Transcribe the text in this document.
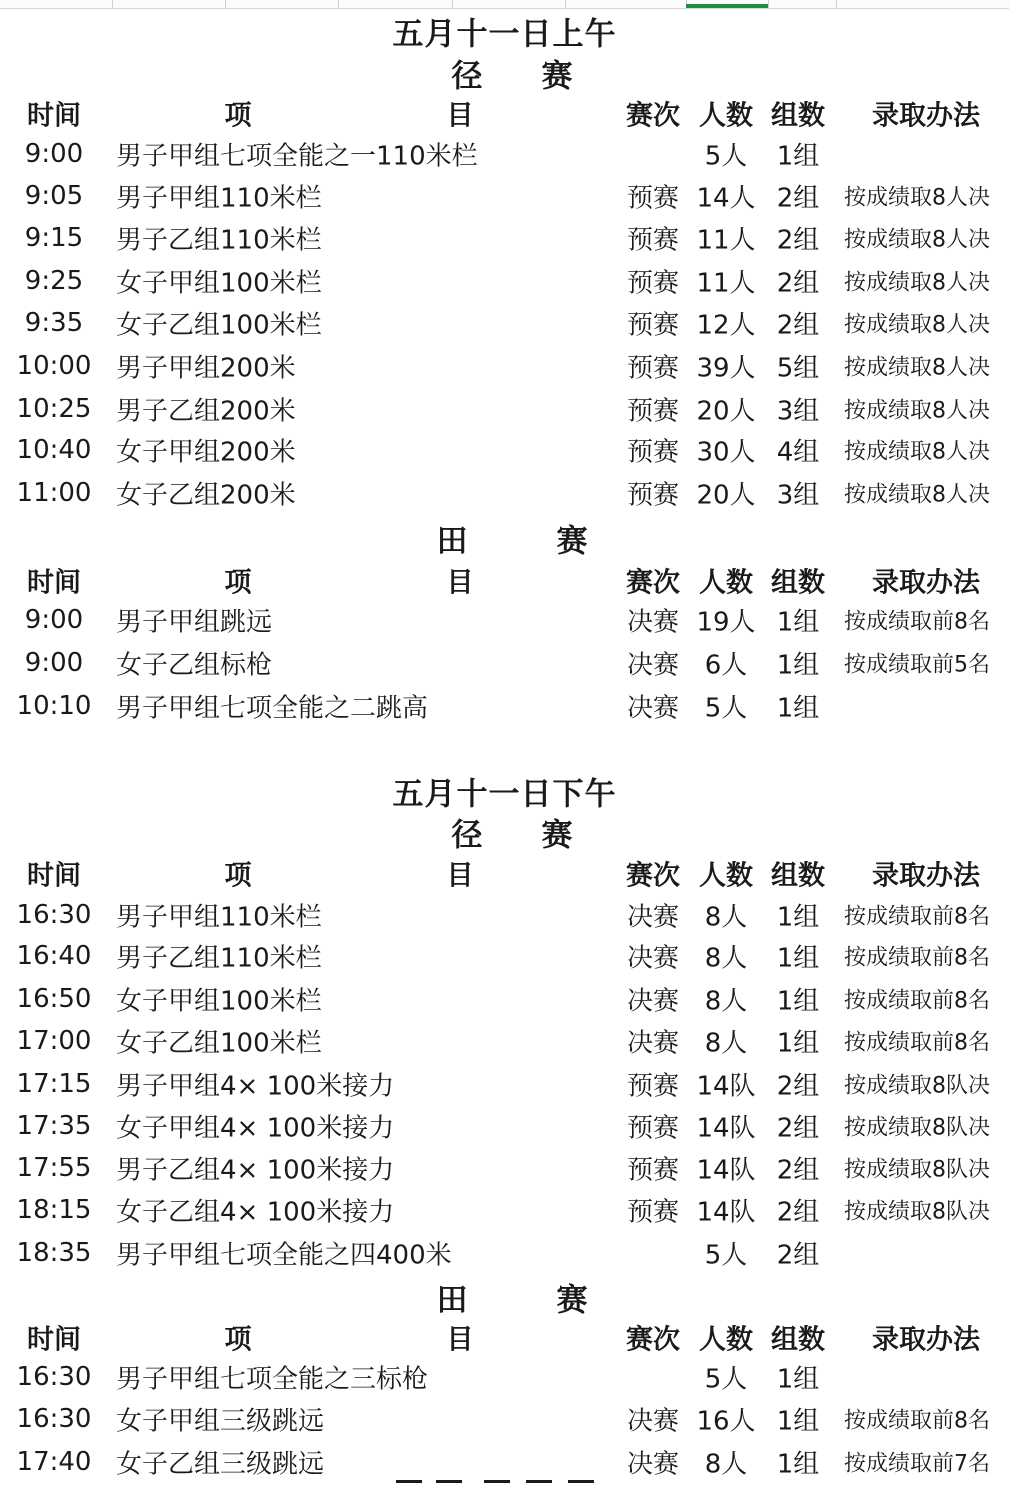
五月十一日上午
径 赛
时间	项	目	赛次 人数 组数 录取办法
9:00 男子甲组七项全能之一110米栏	5人 1组
9:05 男子甲组110米栏	预赛 14人 2组 按成绩取8人决
9:15 男子乙组110米栏	预赛 11人 2组 按成绩取8人决
9:25 女子甲组100米栏	预赛 11人 2组 按成绩取8人决
9:35 女子乙组100米栏	预赛 12人 2组 按成绩取8人决
10:00 男子甲组200米	预赛 39人 5组 按成绩取8人决
10:25 男子乙组200米	预赛 20人 3组 按成绩取8人决
10:40 女子甲组200米	预赛 30人 4组 按成绩取8人决
11:00 女子乙组200米	预赛 20人 3组 按成绩取8人决
田	赛
时间	项	目	赛次 人数 组数 录取办法
9:00 男子甲组跳远	决赛 19人 1组 按成绩取前8名
9:00 女子乙组标枪	决赛 6人 1组 按成绩取前5名
10:10 男子甲组七项全能之二跳高	决赛 5人 1组
五月十一日下午
径 赛
时间	项	目	赛次 人数 组数 录取办法
16:30 男子甲组110米栏	决赛 8人 1组 按成绩取前8名
16:40 男子乙组110米栏	决赛 8人 1组 按成绩取前8名
16:50 女子甲组100米栏	决赛 8人 1组 按成绩取前8名
17:00 女子乙组100米栏	决赛 8人 1组 按成绩取前8名
17:15 男子甲组4× 100米接力	预赛 14队 2组 按成绩取8队决
17:35 女子甲组4× 100米接力	预赛 14队 2组 按成绩取8队决
17:55 男子乙组4× 100米接力	预赛 14队 2组 按成绩取8队决
18:15 女子乙组4× 100米接力	预赛 14队 2组 按成绩取8队决
18:35 男子甲组七项全能之四400米	5人 2组
田	赛
时间	项	目	赛次 人数 组数 录取办法
16:30 男子甲组七项全能之三标枪	5人 1组
16:30 女子甲组三级跳远	决赛 16人 1组 按成绩取前8名
17:40 女子乙组三级跳远	决赛 8人 1组 按成绩取前7名
